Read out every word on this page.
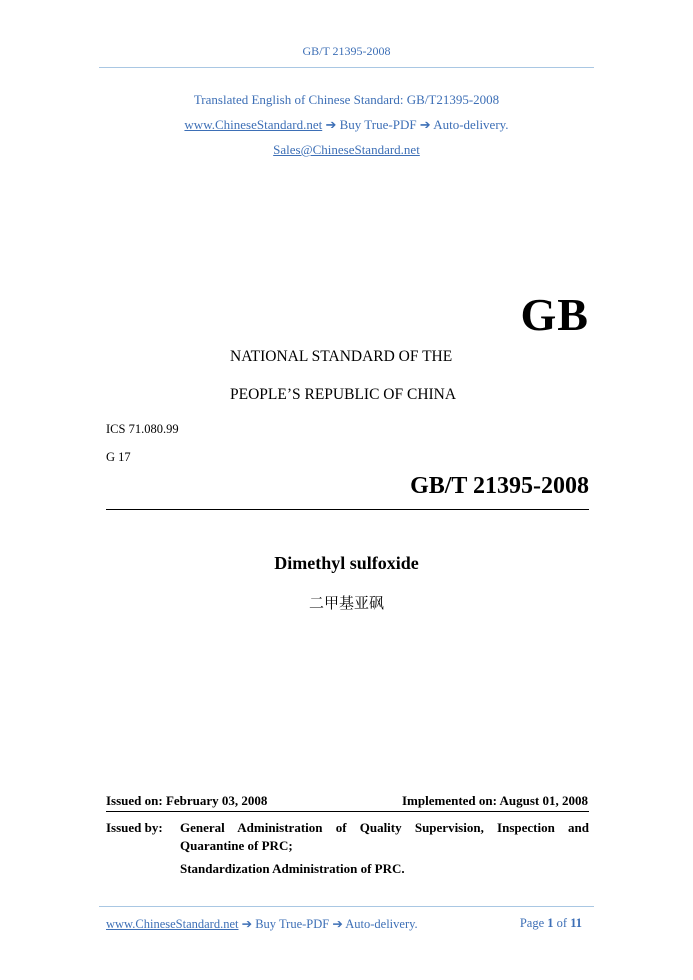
GB/T 21395-2008
Translated English of Chinese Standard: GB/T21395-2008
www.ChineseStandard.net ➔ Buy True-PDF ➔ Auto-delivery.
Sales@ChineseStandard.net
GB
NATIONAL STANDARD OF THE
PEOPLE’S REPUBLIC OF CHINA
ICS 71.080.99
G 17
GB/T 21395-2008
Dimethyl sulfoxide
二甲基亚砜
Issued on: February 03, 2008	Implemented on: August 01, 2008
Issued by: General Administration of Quality Supervision, Inspection and
Quarantine of PRC;
Standardization Administration of PRC.
www.ChineseStandard.net ➔ Buy True-PDF ➔ Auto-delivery.	Page 1 of 11
